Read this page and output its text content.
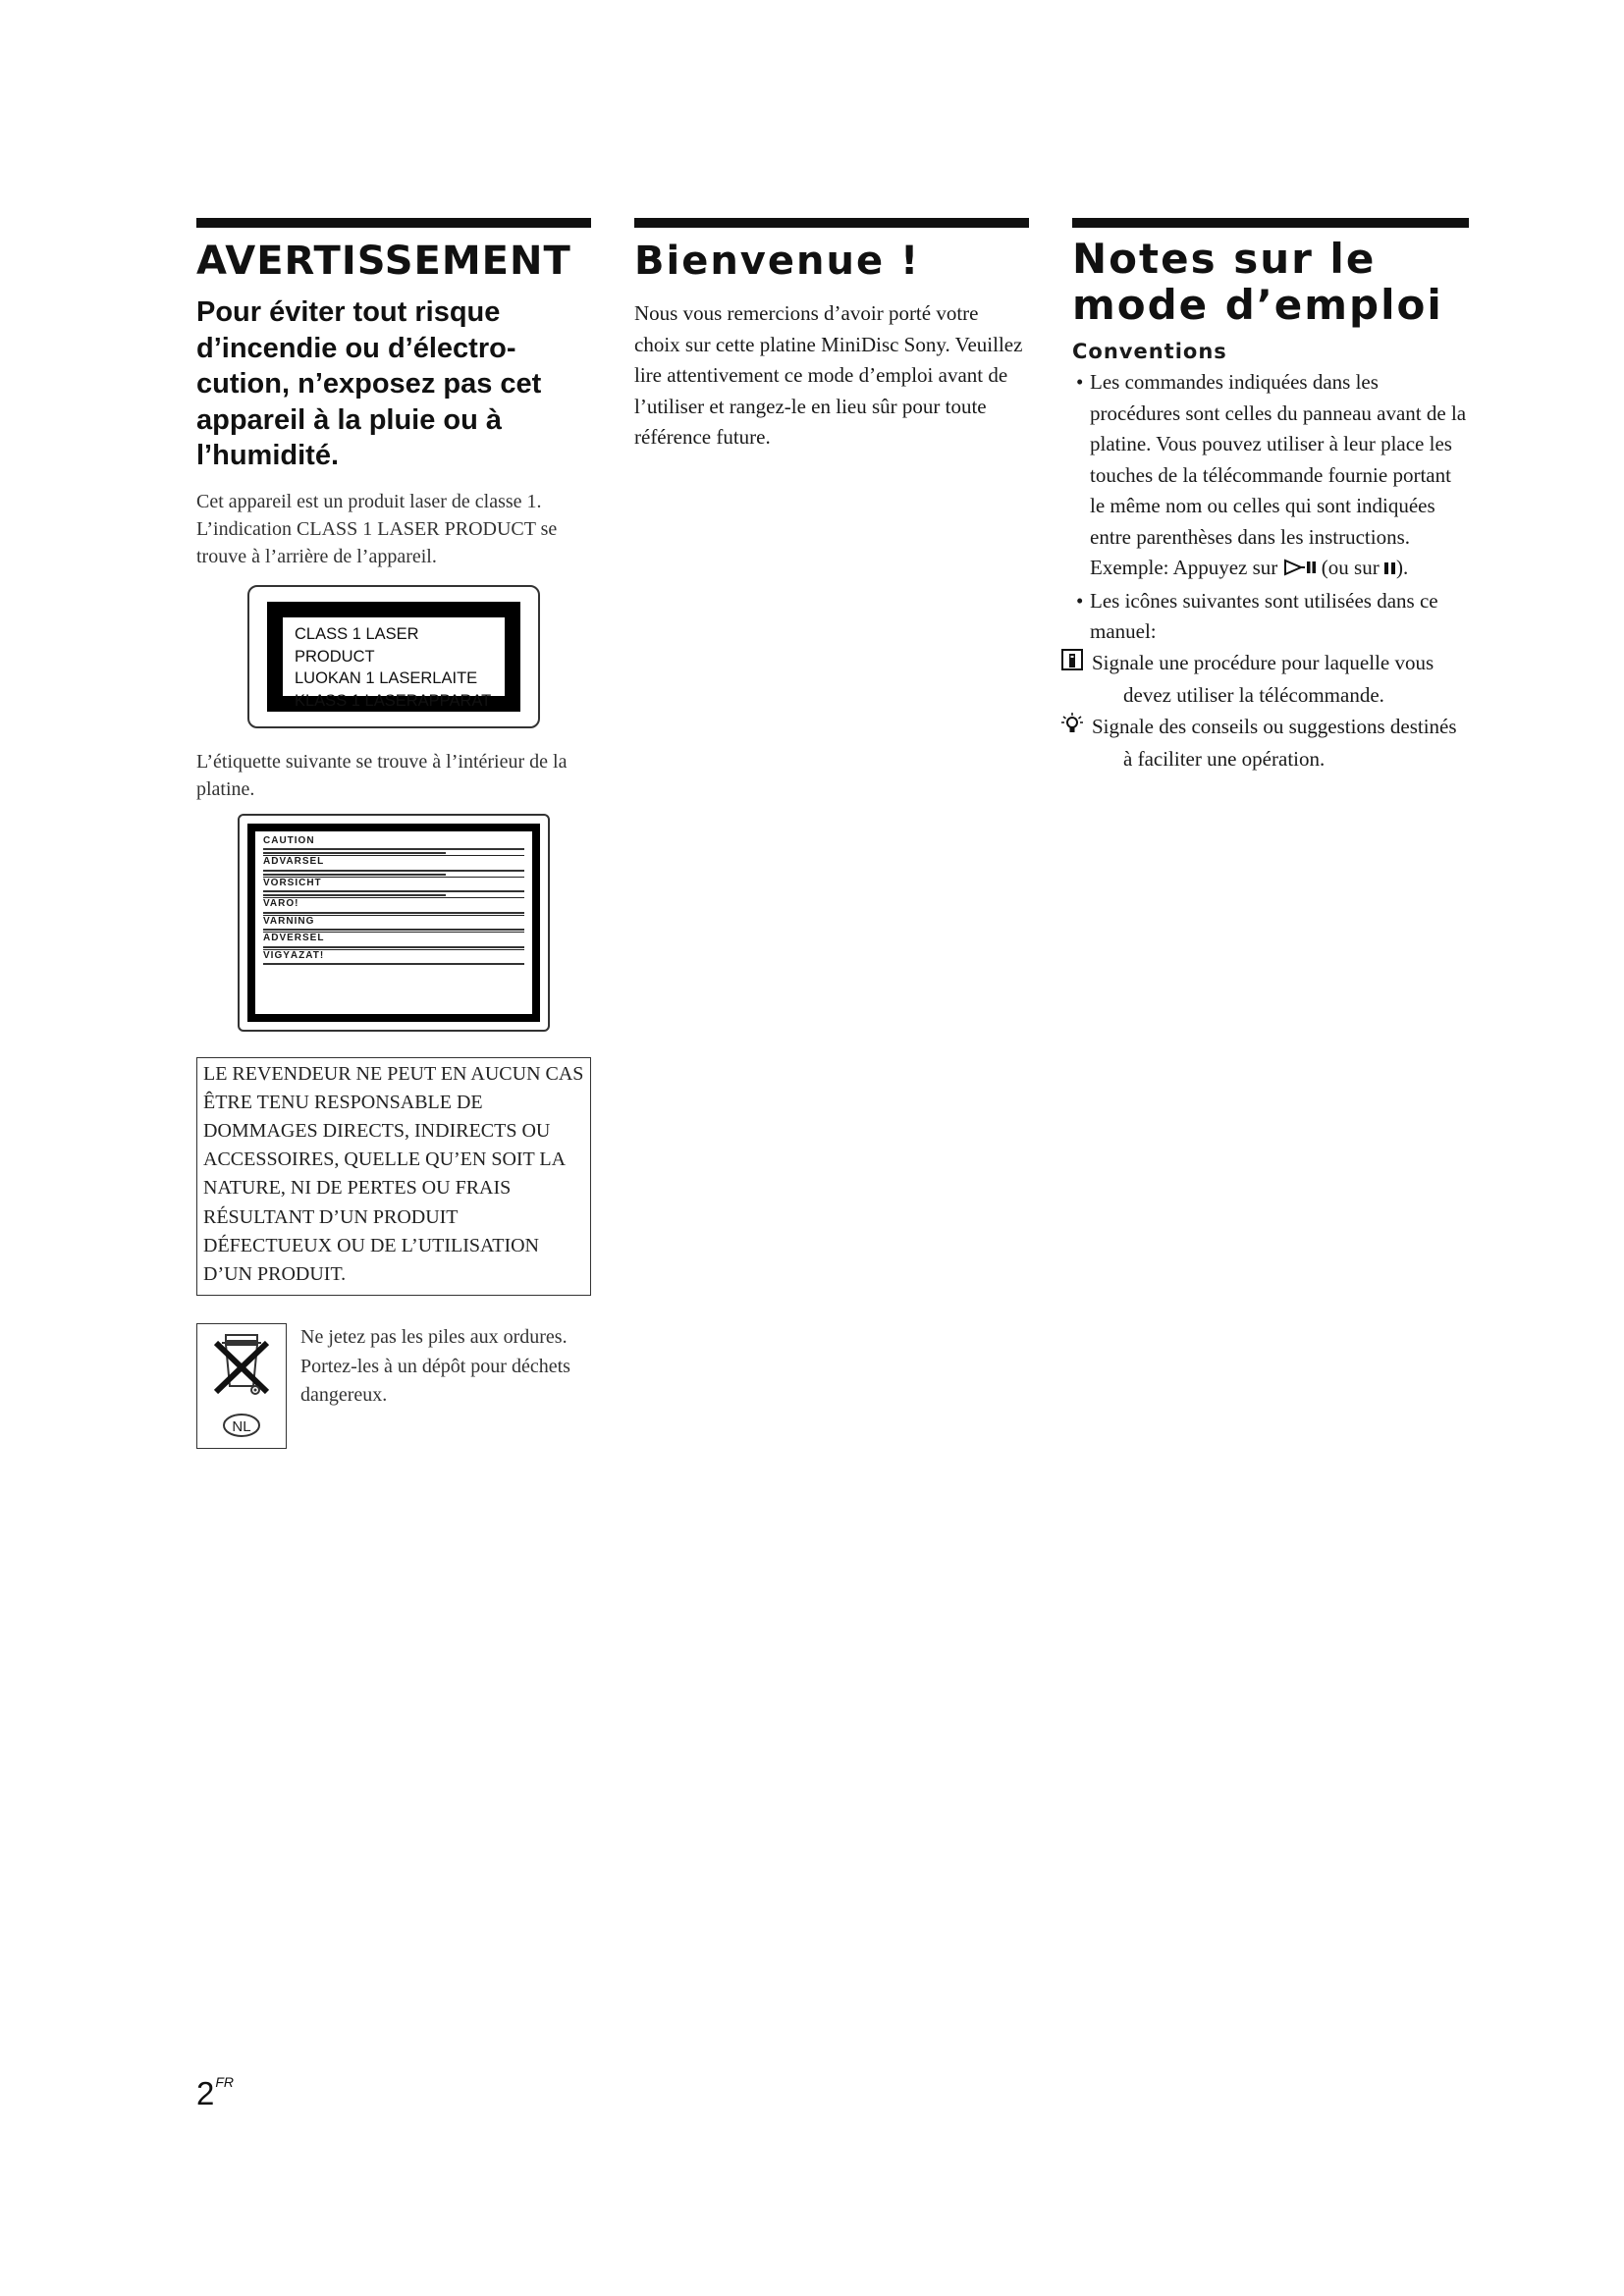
AVERTISSEMENT
Pour éviter tout risque d’incendie ou d’électro-cution, n’exposez pas cet appareil à la pluie ou à l’humidité.

Cet appareil est un produit laser de classe 1.

L’indication CLASS 1 LASER PRODUCT se trouve à l’arrière de l’appareil.

CLASS 1 LASER PRODUCT
LUOKAN 1 LASERLAITE
KLASS 1 LASERAPPARAT

L’étiquette suivante se trouve à l’intérieur de la platine.

CAUTION
ADVARSEL
VORSICHT
VARO!
VARNING
ADVERSEL
VIGYÁZAT!
LE REVENDEUR NE PEUT EN AUCUN CAS ÊTRE TENU RESPONSABLE DE DOMMAGES DIRECTS, INDIRECTS OU ACCESSOIRES, QUELLE QU’EN SOIT LA NATURE, NI DE PERTES OU FRAIS RÉSULTANT D’UN PRODUIT DÉFECTUEUX OU DE L’UTILISATION D’UN PRODUIT.
NL
Ne jetez pas les piles aux ordures. Portez-les à un dépôt pour déchets dangereux.
Bienvenue !

Nous vous remercions d’avoir porté votre choix sur cette platine MiniDisc Sony. Veuillez lire attentivement ce mode d’emploi avant de l’utiliser et rangez-le en lieu sûr pour toute référence future.

Notes sur le mode d’emploi
Conventions
• Les commandes indiquées dans les procédures sont celles du panneau avant de la platine. Vous pouvez utiliser à leur place les touches de la télécommande fournie portant le même nom ou celles qui sont indiquées entre parenthèses dans les instructions.
Exemple: Appuyez sur (ou sur ).
• Les icônes suivantes sont utilisées dans ce manuel:
Signale une procédure pour laquelle vous devez utiliser la télécommande.
Signale des conseils ou suggestions destinés à faciliter une opération.
$2^{FR}$
